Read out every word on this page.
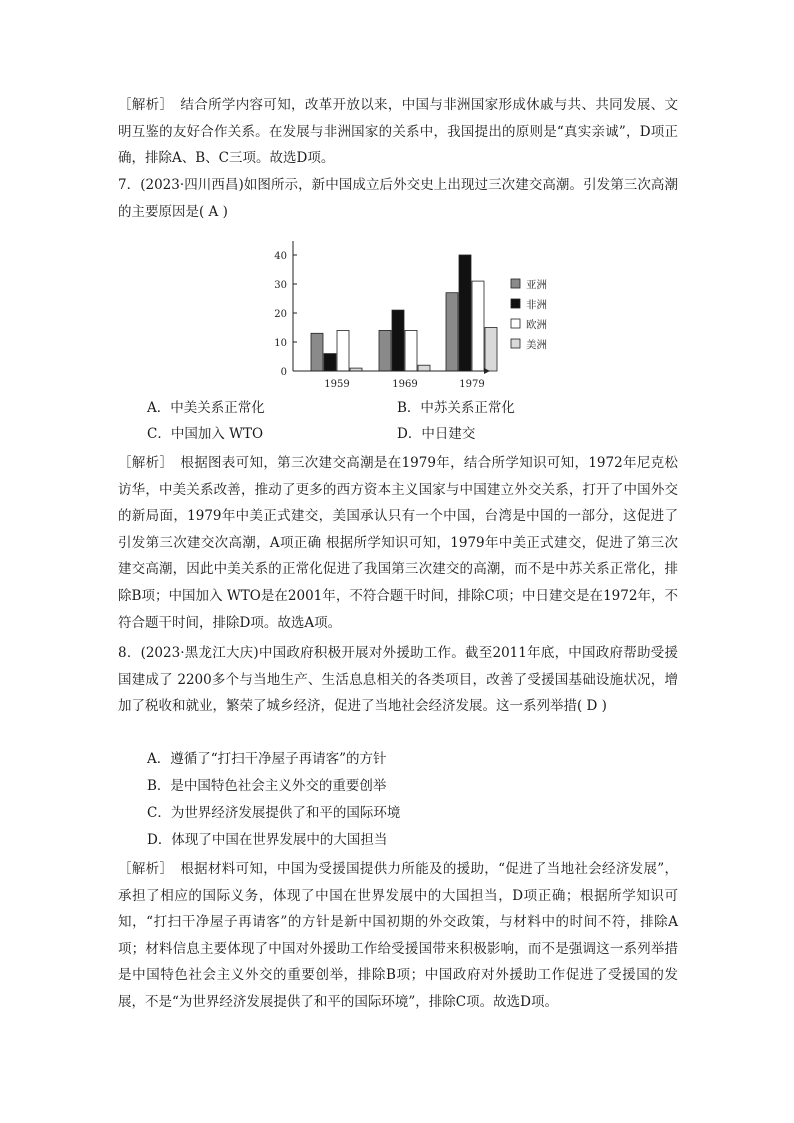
［解析］　结合所学内容可知，改革开放以来，中国与非洲国家形成休戚与共、共同发展、文明互鉴的友好合作关系。在发展与非洲国家的关系中，我国提出的原则是“真实亲诚”，D项正确，排除A、B、C三项。故选D项。

7．(2023·四川西昌)如图所示，新中国成立后外交史上出现过三次建交高潮。引发第三次高潮的主要原因是( A )

0
10
20
30
40
1959	1969	1979
亚洲
非洲
欧洲
美洲

A．中美关系正常化	B．中苏关系正常化

C．中国加入 WTO	D．中日建交

［解析］　根据图表可知，第三次建交高潮是在1979年，结合所学知识可知，1972年尼克松访华，中美关系改善，推动了更多的西方资本主义国家与中国建立外交关系，打开了中国外交的新局面，1979年中美正式建交，美国承认只有一个中国，台湾是中国的一部分，这促进了引发第三次建交次高潮，A项正确 根据所学知识可知，1979年中美正式建交，促进了第三次建交高潮，因此中美关系的正常化促进了我国第三次建交的高潮，而不是中苏关系正常化，排除B项；中国加入 WTO是在2001年，不符合题干时间，排除C项；中日建交是在1972年，不符合题干时间，排除D项。故选A项。

8．(2023·黑龙江大庆)中国政府积极开展对外援助工作。截至2011年底，中国政府帮助受援国建成了 2200多个与当地生产、生活息息相关的各类项目，改善了受援国基础设施状况，增加了税收和就业，繁荣了城乡经济，促进了当地社会经济发展。这一系列举措( D )

A．遵循了“打扫干净屋子再请客”的方针

B．是中国特色社会主义外交的重要创举

C．为世界经济发展提供了和平的国际环境

D．体现了中国在世界发展中的大国担当

［解析］　根据材料可知，中国为受援国提供力所能及的援助，“促进了当地社会经济发展”，承担了相应的国际义务，体现了中国在世界发展中的大国担当，D项正确；根据所学知识可知，“打扫干净屋子再请客”的方针是新中国初期的外交政策，与材料中的时间不符，排除A项；材料信息主要体现了中国对外援助工作给受援国带来积极影响，而不是强调这一系列举措是中国特色社会主义外交的重要创举，排除B项；中国政府对外援助工作促进了受援国的发展，不是“为世界经济发展提供了和平的国际环境”，排除C项。故选D项。
